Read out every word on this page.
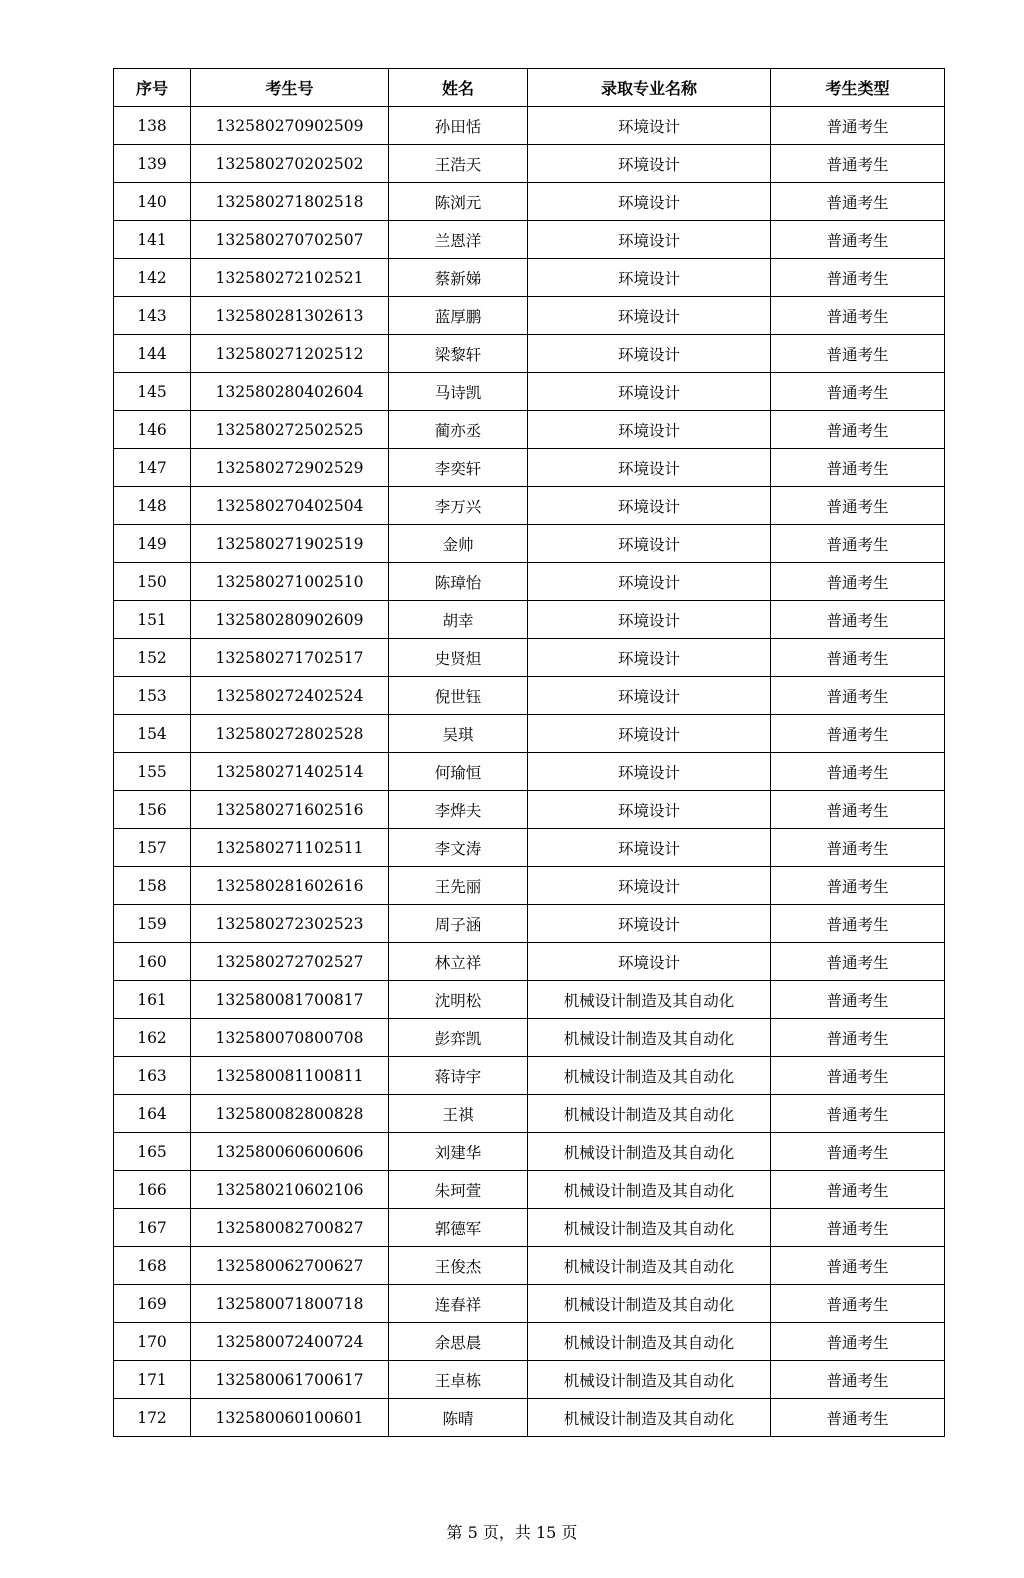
序号	考生号	姓名	录取专业名称	考生类型
138	132580270902509	孙田恬	环境设计	普通考生
139	132580270202502	王浩天	环境设计	普通考生
140	132580271802518	陈浏元	环境设计	普通考生
141	132580270702507	兰恩洋	环境设计	普通考生
142	132580272102521	蔡新娣	环境设计	普通考生
143	132580281302613	蓝厚鹏	环境设计	普通考生
144	132580271202512	梁黎轩	环境设计	普通考生
145	132580280402604	马诗凯	环境设计	普通考生
146	132580272502525	蔺亦丞	环境设计	普通考生
147	132580272902529	李奕轩	环境设计	普通考生
148	132580270402504	李万兴	环境设计	普通考生
149	132580271902519	金帅	环境设计	普通考生
150	132580271002510	陈璋怡	环境设计	普通考生
151	132580280902609	胡幸	环境设计	普通考生
152	132580271702517	史贤炟	环境设计	普通考生
153	132580272402524	倪世钰	环境设计	普通考生
154	132580272802528	吴琪	环境设计	普通考生
155	132580271402514	何瑜恒	环境设计	普通考生
156	132580271602516	李烨夫	环境设计	普通考生
157	132580271102511	李文涛	环境设计	普通考生
158	132580281602616	王先丽	环境设计	普通考生
159	132580272302523	周子涵	环境设计	普通考生
160	132580272702527	林立祥	环境设计	普通考生
161	132580081700817	沈明松	机械设计制造及其自动化	普通考生
162	132580070800708	彭弈凯	机械设计制造及其自动化	普通考生
163	132580081100811	蒋诗宇	机械设计制造及其自动化	普通考生
164	132580082800828	王祺	机械设计制造及其自动化	普通考生
165	132580060600606	刘建华	机械设计制造及其自动化	普通考生
166	132580210602106	朱珂萱	机械设计制造及其自动化	普通考生
167	132580082700827	郭德军	机械设计制造及其自动化	普通考生
168	132580062700627	王俊杰	机械设计制造及其自动化	普通考生
169	132580071800718	连春祥	机械设计制造及其自动化	普通考生
170	132580072400724	余思晨	机械设计制造及其自动化	普通考生
171	132580061700617	王卓栋	机械设计制造及其自动化	普通考生
172	132580060100601	陈晴	机械设计制造及其自动化	普通考生
第 5 页，共 15 页
